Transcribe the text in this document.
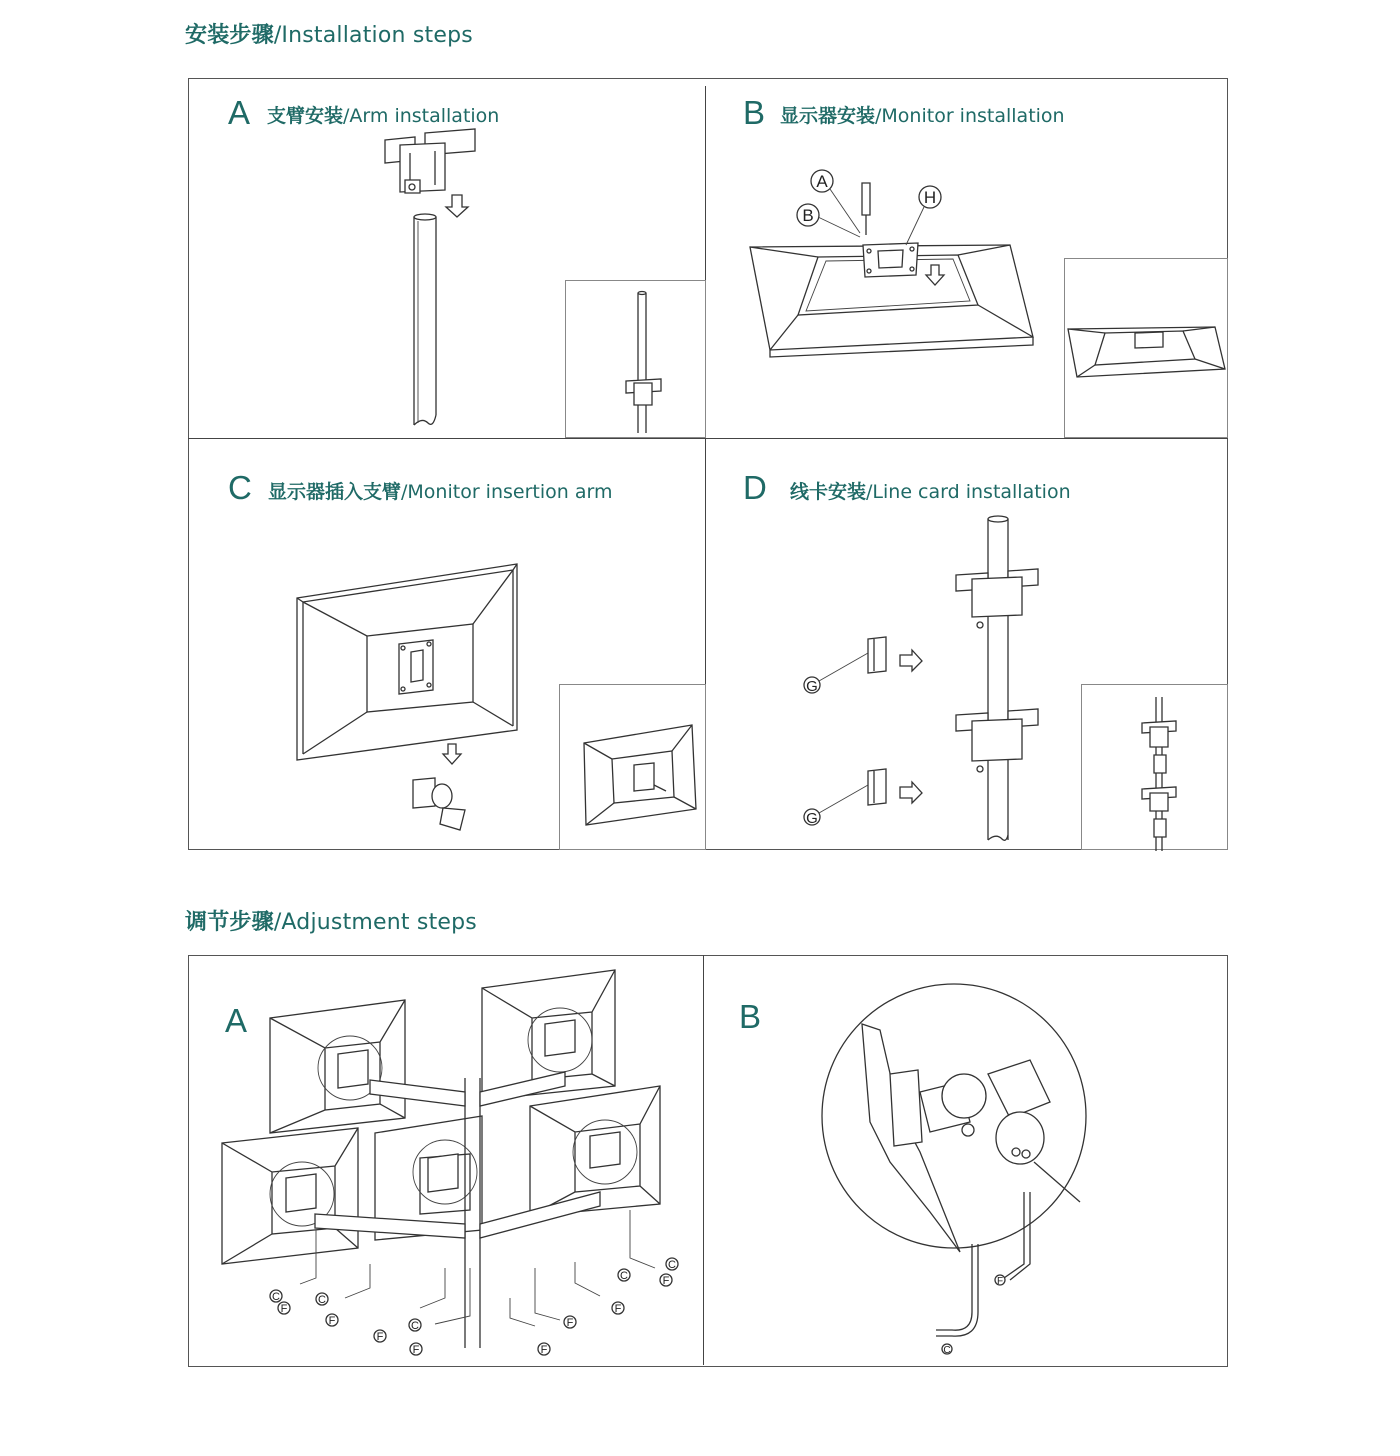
安装步骤/Installation steps
A 支臂安装/Arm installation	B 显示器安装/Monitor installation
C 显示器插入支臂/Monitor insertion arm	D 线卡安装/Line card installation
A
B
H
G
G
调节步骤/Adjustment steps
A	B
C
F
C
F
F
C
F	F
F
F
C	F
C
C
F
